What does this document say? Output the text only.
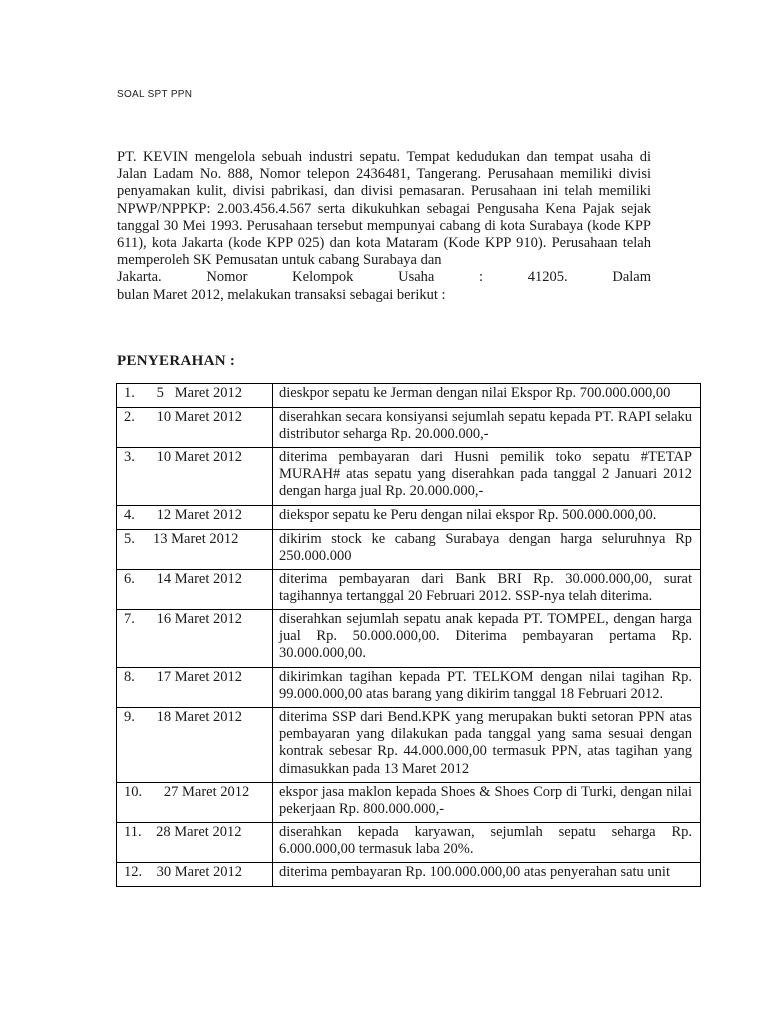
SOAL SPT PPN

PT. KEVIN mengelola sebuah industri sepatu. Tempat kedudukan dan tempat usaha di Jalan Ladam No. 888, Nomor telepon 2436481, Tangerang. Perusahaan memiliki divisi penyamakan kulit, divisi pabrikasi, dan divisi pemasaran. Perusahaan ini telah memiliki NPWP/NPPKP: 2.003.456.4.567 serta dikukuhkan sebagai Pengusaha Kena Pajak sejak tanggal 30 Mei 1993. Perusahaan tersebut mempunyai cabang di kota Surabaya (kode KPP 611), kota Jakarta (kode KPP 025) dan kota Mataram (Kode KPP 910). Perusahaan telah memperoleh SK Pemusatan untuk cabang Surabaya dan

Jakarta. Nomor Kelompok Usaha : 41205. Dalam

bulan Maret 2012, melakukan transaksi sebagai berikut :

PENYERAHAN :
1.      5   Maret 2012	dieskpor sepatu ke Jerman dengan nilai Ekspor Rp. 700.000.000,00

2.      10 Maret 2012	diserahkan secara konsiyansi sejumlah sepatu kepada PT. RAPI selaku distributor seharga Rp. 20.000.000,-

3.      10 Maret 2012	diterima pembayaran dari Husni pemilik toko sepatu #TETAP MURAH# atas sepatu yang diserahkan pada tanggal 2 Januari 2012 dengan harga jual Rp. 20.000.000,-

4.      12 Maret 2012	diekspor sepatu ke Peru dengan nilai ekspor Rp. 500.000.000,00.

5.     13 Maret 2012	dikirim stock ke cabang Surabaya dengan harga seluruhnya Rp 250.000.000

6.      14 Maret 2012	diterima pembayaran dari Bank BRI Rp. 30.000.000,00, surat tagihannya tertanggal 20 Februari 2012. SSP-nya telah diterima.

7.      16 Maret 2012	diserahkan sejumlah sepatu anak kepada PT. TOMPEL, dengan harga jual Rp. 50.000.000,00. Diterima pembayaran pertama Rp. 30.000.000,00.

8.      17 Maret 2012	dikirimkan tagihan kepada PT. TELKOM dengan nilai tagihan Rp. 99.000.000,00 atas barang yang dikirim tanggal 18 Februari 2012.

9.      18 Maret 2012	diterima SSP dari Bend.KPK yang merupakan bukti setoran PPN atas pembayaran yang dilakukan pada tanggal yang sama sesuai dengan kontrak sebesar Rp. 44.000.000,00 termasuk PPN, atas tagihan yang dimasukkan pada 13 Maret 2012

10.      27 Maret 2012	ekspor jasa maklon kepada Shoes & Shoes Corp di Turki, dengan nilai pekerjaan Rp. 800.000.000,-

11.    28 Maret 2012	diserahkan kepada karyawan, sejumlah sepatu seharga Rp. 6.000.000,00 termasuk laba 20%.

12.    30 Maret 2012	diterima pembayaran Rp. 100.000.000,00 atas penyerahan satu unit
